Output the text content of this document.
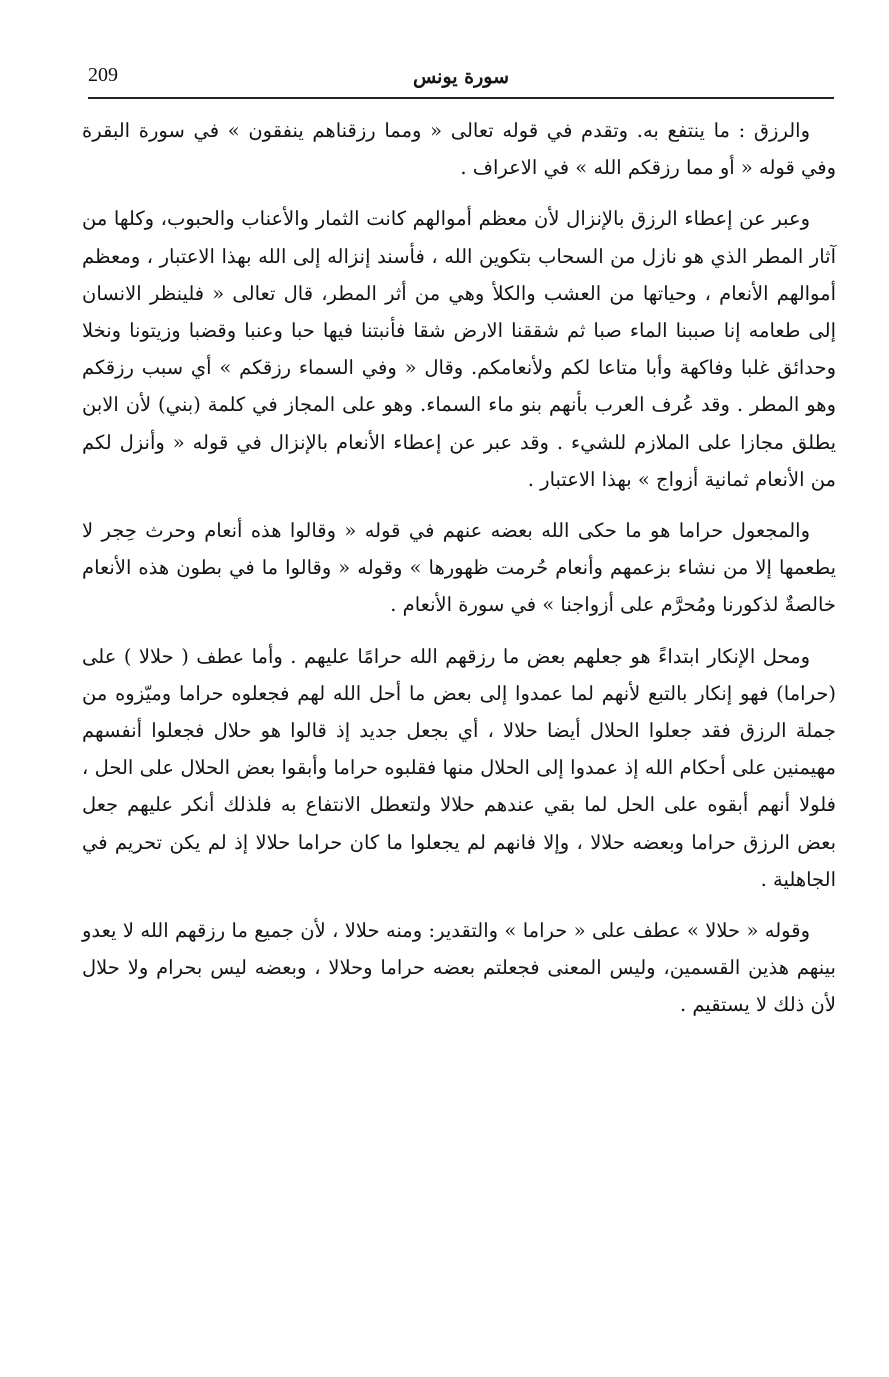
209	سورة يونس

والرزق : ما ينتفع به. وتقدم في قوله تعالى « ومما رزقناهم ينفقون » في سورة البقرة وفي قوله « أو مما رزقكم الله » في الاعراف .

وعبر عن إعطاء الرزق بالإنزال لأن معظم أموالهم كانت الثمار والأعناب والحبوب، وكلها من آثار المطر الذي هو نازل من السحاب بتكوين الله ، فأسند إنزاله إلى الله بهذا الاعتبار ، ومعظم أموالهم الأنعام ، وحياتها من العشب والكلأ وهي من أثر المطر، قال تعالى « فلينظر الانسان إلى طعامه إنا صببنا الماء صبا ثم شققنا الارض شقا فأنبتنا فيها حبا وعنبا وقضبا وزيتونا ونخلا وحدائق غلبا وفاكهة وأبا متاعا لكم ولأنعامكم. وقال « وفي السماء رزقكم » أي سبب رزقكم وهو المطر . وقد عُرف العرب بأنهم بنو ماء السماء. وهو على المجاز في كلمة (بني) لأن الابن يطلق مجازا على الملازم للشيء . وقد عبر عن إعطاء الأنعام بالإنزال في قوله « وأنزل لكم من الأنعام ثمانية أزواج » بهذا الاعتبار .

والمجعول حراما هو ما حكى الله بعضه عنهم في قوله « وقالوا هذه أنعام وحرث حِجر لا يطعمها إلا من نشاء بزعمهم وأنعام حُرمت ظهورها » وقوله « وقالوا ما في بطون هذه الأنعام خالصةٌ لذكورنا ومُحرَّم على أزواجنا » في سورة الأنعام .

ومحل الإنكار ابتداءً هو جعلهم بعض ما رزقهم الله حرامًا عليهم . وأما عطف ( حلالا ) على (حراما) فهو إنكار بالتبع لأنهم لما عمدوا إلى بعض ما أحل الله لهم فجعلوه حراما وميّزوه من جملة الرزق فقد جعلوا الحلال أيضا حلالا ، أي بجعل جديد إذ قالوا هو حلال فجعلوا أنفسهم مهيمنين على أحكام الله إذ عمدوا إلى الحلال منها فقلبوه حراما وأبقوا بعض الحلال على الحل ، فلولا أنهم أبقوه على الحل لما بقي عندهم حلالا ولتعطل الانتفاع به فلذلك أنكر عليهم جعل بعض الرزق حراما وبعضه حلالا ، وإلا فانهم لم يجعلوا ما كان حراما حلالا إذ لم يكن تحريم في الجاهلية .

وقوله « حلالا » عطف على « حراما » والتقدير: ومنه حلالا ، لأن جميع ما رزقهم الله لا يعدو بينهم هذين القسمين، وليس المعنى فجعلتم بعضه حراما وحلالا ، وبعضه ليس بحرام ولا حلال لأن ذلك لا يستقيم .
